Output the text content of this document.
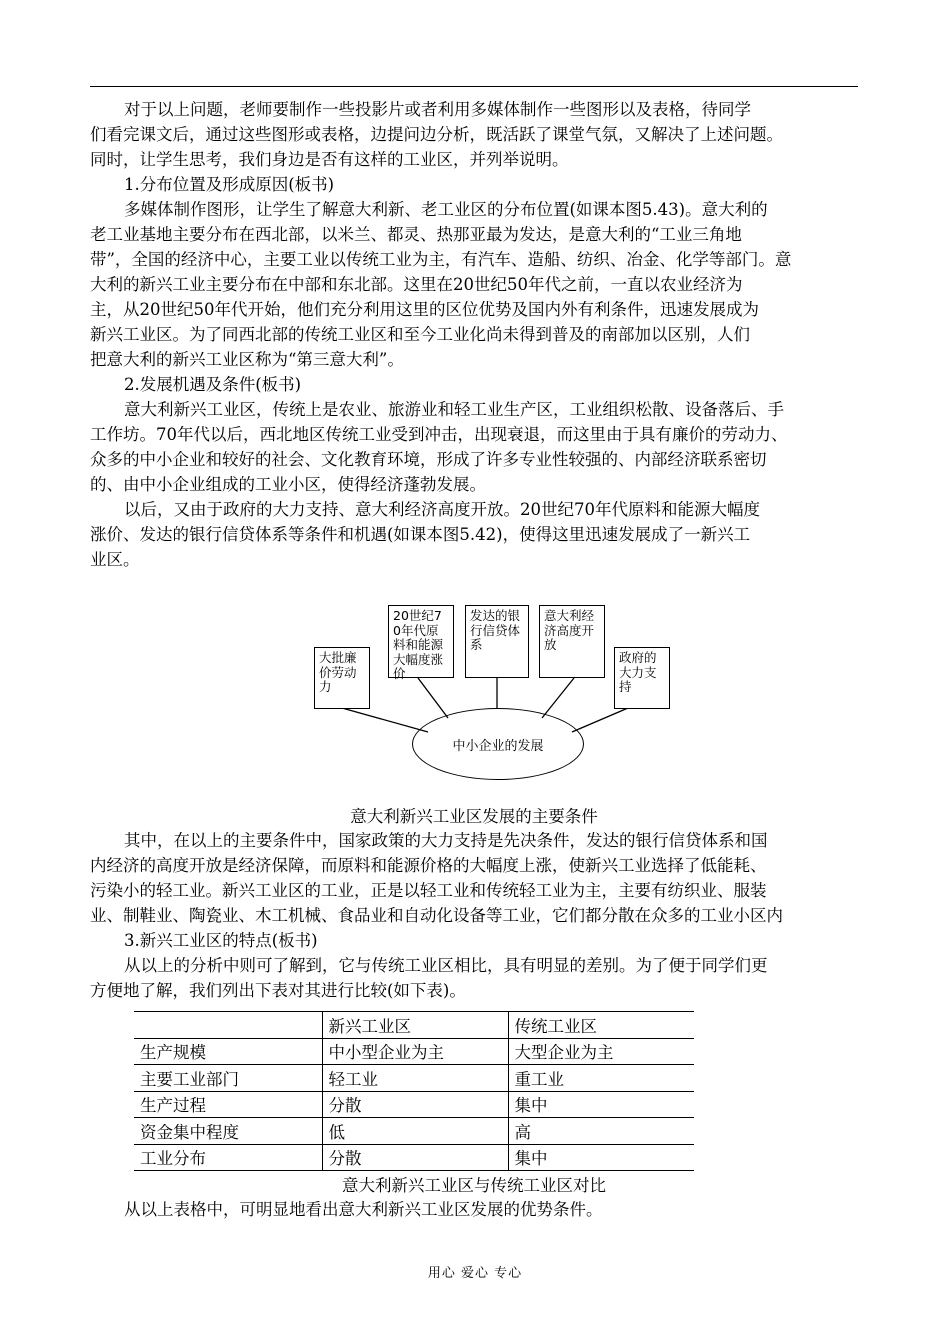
对于以上问题，老师要制作一些投影片或者利用多媒体制作一些图形以及表格，待同学

们看完课文后，通过这些图形或表格，边提问边分析，既活跃了课堂气氛，又解决了上述问题。

同时，让学生思考，我们身边是否有这样的工业区，并列举说明。

1.分布位置及形成原因(板书)

多媒体制作图形，让学生了解意大利新、老工业区的分布位置(如课本图5.43)。意大利的

老工业基地主要分布在西北部，以米兰、都灵、热那亚最为发达，是意大利的“工业三角地

带”，全国的经济中心，主要工业以传统工业为主，有汽车、造船、纺织、冶金、化学等部门。意

大利的新兴工业主要分布在中部和东北部。这里在20世纪50年代之前，一直以农业经济为

主，从20世纪50年代开始，他们充分利用这里的区位优势及国内外有利条件，迅速发展成为

新兴工业区。为了同西北部的传统工业区和至今工业化尚未得到普及的南部加以区别，人们

把意大利的新兴工业区称为“第三意大利”。

2.发展机遇及条件(板书)

意大利新兴工业区，传统上是农业、旅游业和轻工业生产区，工业组织松散、设备落后、手

工作坊。70年代以后，西北地区传统工业受到冲击，出现衰退，而这里由于具有廉价的劳动力、

众多的中小企业和较好的社会、文化教育环境，形成了许多专业性较强的、内部经济联系密切

的、由中小企业组成的工业小区，使得经济蓬勃发展。

以后，又由于政府的大力支持、意大利经济高度开放。20世纪70年代原料和能源大幅度

涨价、发达的银行信贷体系等条件和机遇(如课本图5.42)，使得这里迅速发展成了一新兴工

业区。

大批廉价劳动力
20世纪70年代原料和能源大幅度涨价
发达的银行信贷体系
意大利经济高度开放
政府的大力支持
中小企业的发展
意大利新兴工业区发展的主要条件

其中，在以上的主要条件中，国家政策的大力支持是先决条件，发达的银行信贷体系和国

内经济的高度开放是经济保障，而原料和能源价格的大幅度上涨，使新兴工业选择了低能耗、

污染小的轻工业。新兴工业区的工业，正是以轻工业和传统轻工业为主，主要有纺织业、服装

业、制鞋业、陶瓷业、木工机械、食品业和自动化设备等工业，它们都分散在众多的工业小区内

3.新兴工业区的特点(板书)

从以上的分析中则可了解到，它与传统工业区相比，具有明显的差别。为了便于同学们更

方便地了解，我们列出下表对其进行比较(如下表)。

	新兴工业区	传统工业区
生产规模	中小型企业为主	大型企业为主
主要工业部门	轻工业	重工业
生产过程	分散	集中
资金集中程度	低	高
工业分布	分散	集中
意大利新兴工业区与传统工业区对比

从以上表格中，可明显地看出意大利新兴工业区发展的优势条件。

用心 爱心 专心
